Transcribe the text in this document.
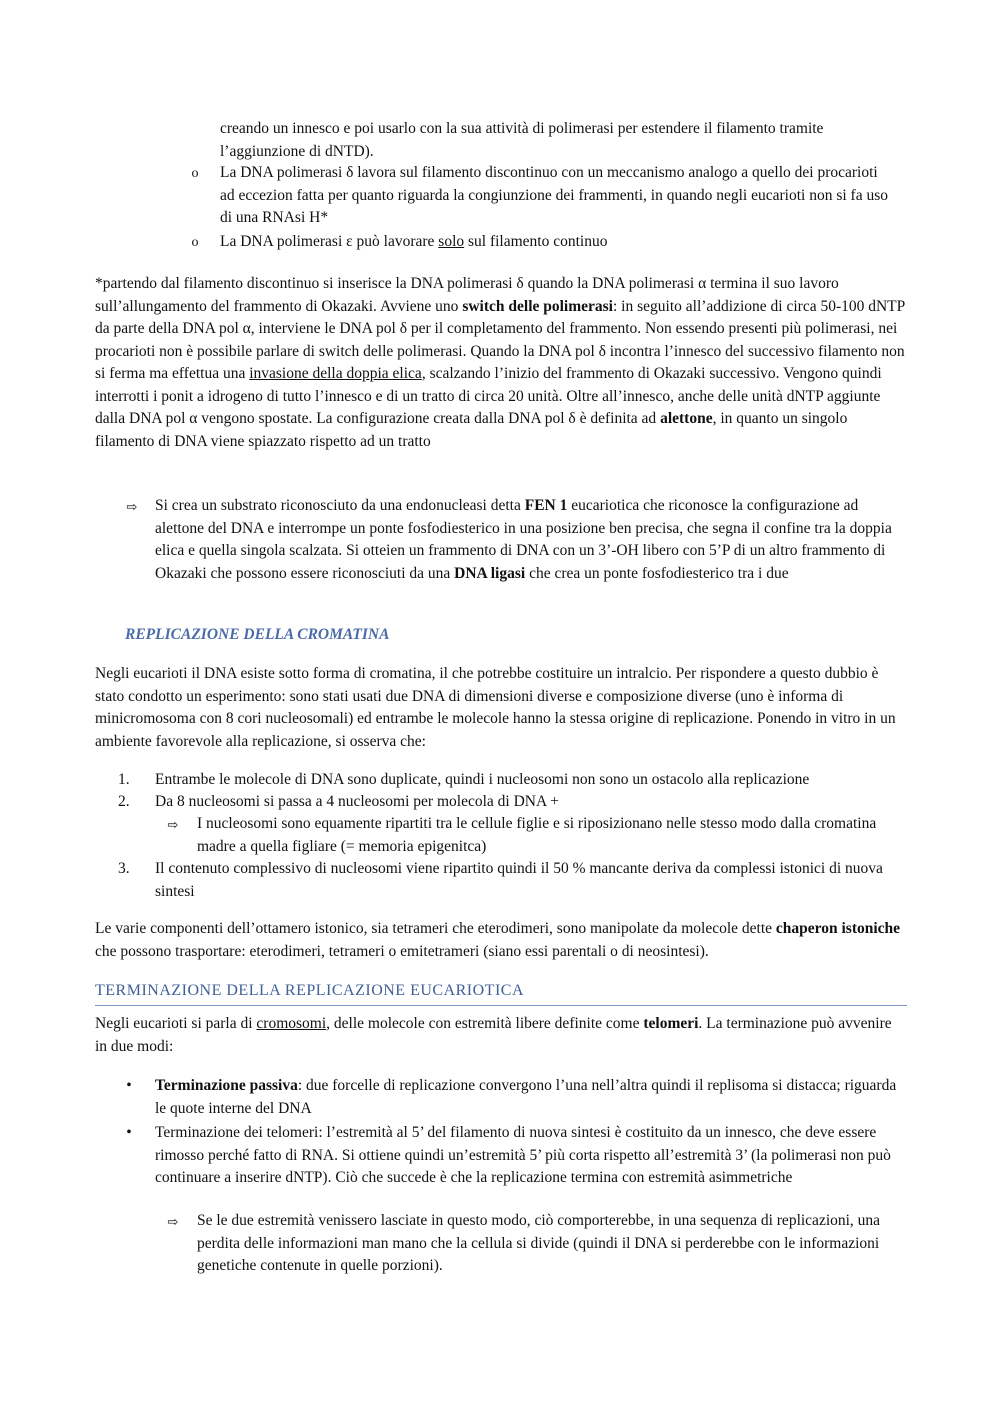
creando un innesco e poi usarlo con la sua attività di polimerasi per estendere il filamento tramite

l’aggiunzione di dNTD).

o La DNA polimerasi δ lavora sul filamento discontinuo con un meccanismo analogo a quello dei procarioti ad eccezion fatta per quanto riguarda la congiunzione dei frammenti, in quando negli eucarioti non si fa uso di una RNAsi H*

o La DNA polimerasi ε può lavorare solo sul filamento continuo

*partendo dal filamento discontinuo si inserisce la DNA polimerasi δ quando la DNA polimerasi α termina il suo lavoro sull’allungamento del frammento di Okazaki. Avviene uno switch delle polimerasi: in seguito all’addizione di circa 50-100 dNTP da parte della DNA pol α, interviene le DNA pol δ per il completamento del frammento. Non essendo presenti più polimerasi, nei procarioti non è possibile parlare di switch delle polimerasi. Quando la DNA pol δ incontra l’innesco del successivo filamento non si ferma ma effettua una invasione della doppia elica, scalzando l’inizio del frammento di Okazaki successivo. Vengono quindi interrotti i ponit a idrogeno di tutto l’innesco e di un tratto di circa 20 unità. Oltre all’innesco, anche delle unità dNTP aggiunte dalla DNA pol α vengono spostate. La configurazione creata dalla DNA pol δ è definita ad alettone, in quanto un singolo filamento di DNA viene spiazzato rispetto ad un tratto

⇨ Si crea un substrato riconosciuto da una endonucleasi detta FEN 1 eucariotica che riconosce la configurazione ad alettone del DNA e interrompe un ponte fosfodiesterico in una posizione ben precisa, che segna il confine tra la doppia elica e quella singola scalzata. Si otteien un frammento di DNA con un 3’-OH libero con 5’P di un altro frammento di Okazaki che possono essere riconosciuti da una DNA ligasi che crea un ponte fosfodiesterico tra i due

REPLICAZIONE DELLA CROMATINA

Negli eucarioti il DNA esiste sotto forma di cromatina, il che potrebbe costituire un intralcio. Per rispondere a questo dubbio è stato condotto un esperimento: sono stati usati due DNA di dimensioni diverse e composizione diverse (uno è informa di minicromosoma con 8 cori nucleosomali) ed entrambe le molecole hanno la stessa origine di replicazione. Ponendo in vitro in un ambiente favorevole alla replicazione, si osserva che:

1.	Entrambe le molecole di DNA sono duplicate, quindi i nucleosomi non sono un ostacolo alla replicazione

2.	Da 8 nucleosomi si passa a 4 nucleosomi per molecola di DNA +

⇨ I nucleosomi sono equamente ripartiti tra le cellule figlie e si riposizionano nelle stesso modo dalla cromatina madre a quella figliare (= memoria epigenitca)

3.	Il contenuto complessivo di nucleosomi viene ripartito quindi il 50 % mancante deriva da complessi istonici di nuova sintesi

Le varie componenti dell’ottamero istonico, sia tetrameri che eterodimeri, sono manipolate da molecole dette chaperon istoniche che possono trasportare: eterodimeri, tetrameri o emitetrameri (siano essi parentali o di neosintesi).

TERMINAZIONE DELLA REPLICAZIONE EUCARIOTICA

Negli eucarioti si parla di cromosomi, delle molecole con estremità libere definite come telomeri. La terminazione può avvenire in due modi:

• Terminazione passiva: due forcelle di replicazione convergono l’una nell’altra quindi il replisoma si distacca; riguarda le quote interne del DNA

• Terminazione dei telomeri: l’estremità al 5’ del filamento di nuova sintesi è costituito da un innesco, che deve essere rimosso perché fatto di RNA. Si ottiene quindi un’estremità 5’ più corta rispetto all’estremità 3’ (la polimerasi non può continuare a inserire dNTP). Ciò che succede è che la replicazione termina con estremità asimmetriche

⇨ Se le due estremità venissero lasciate in questo modo, ciò comporterebbe, in una sequenza di replicazioni, una perdita delle informazioni man mano che la cellula si divide (quindi il DNA si perderebbe con le informazioni genetiche contenute in quelle porzioni).
